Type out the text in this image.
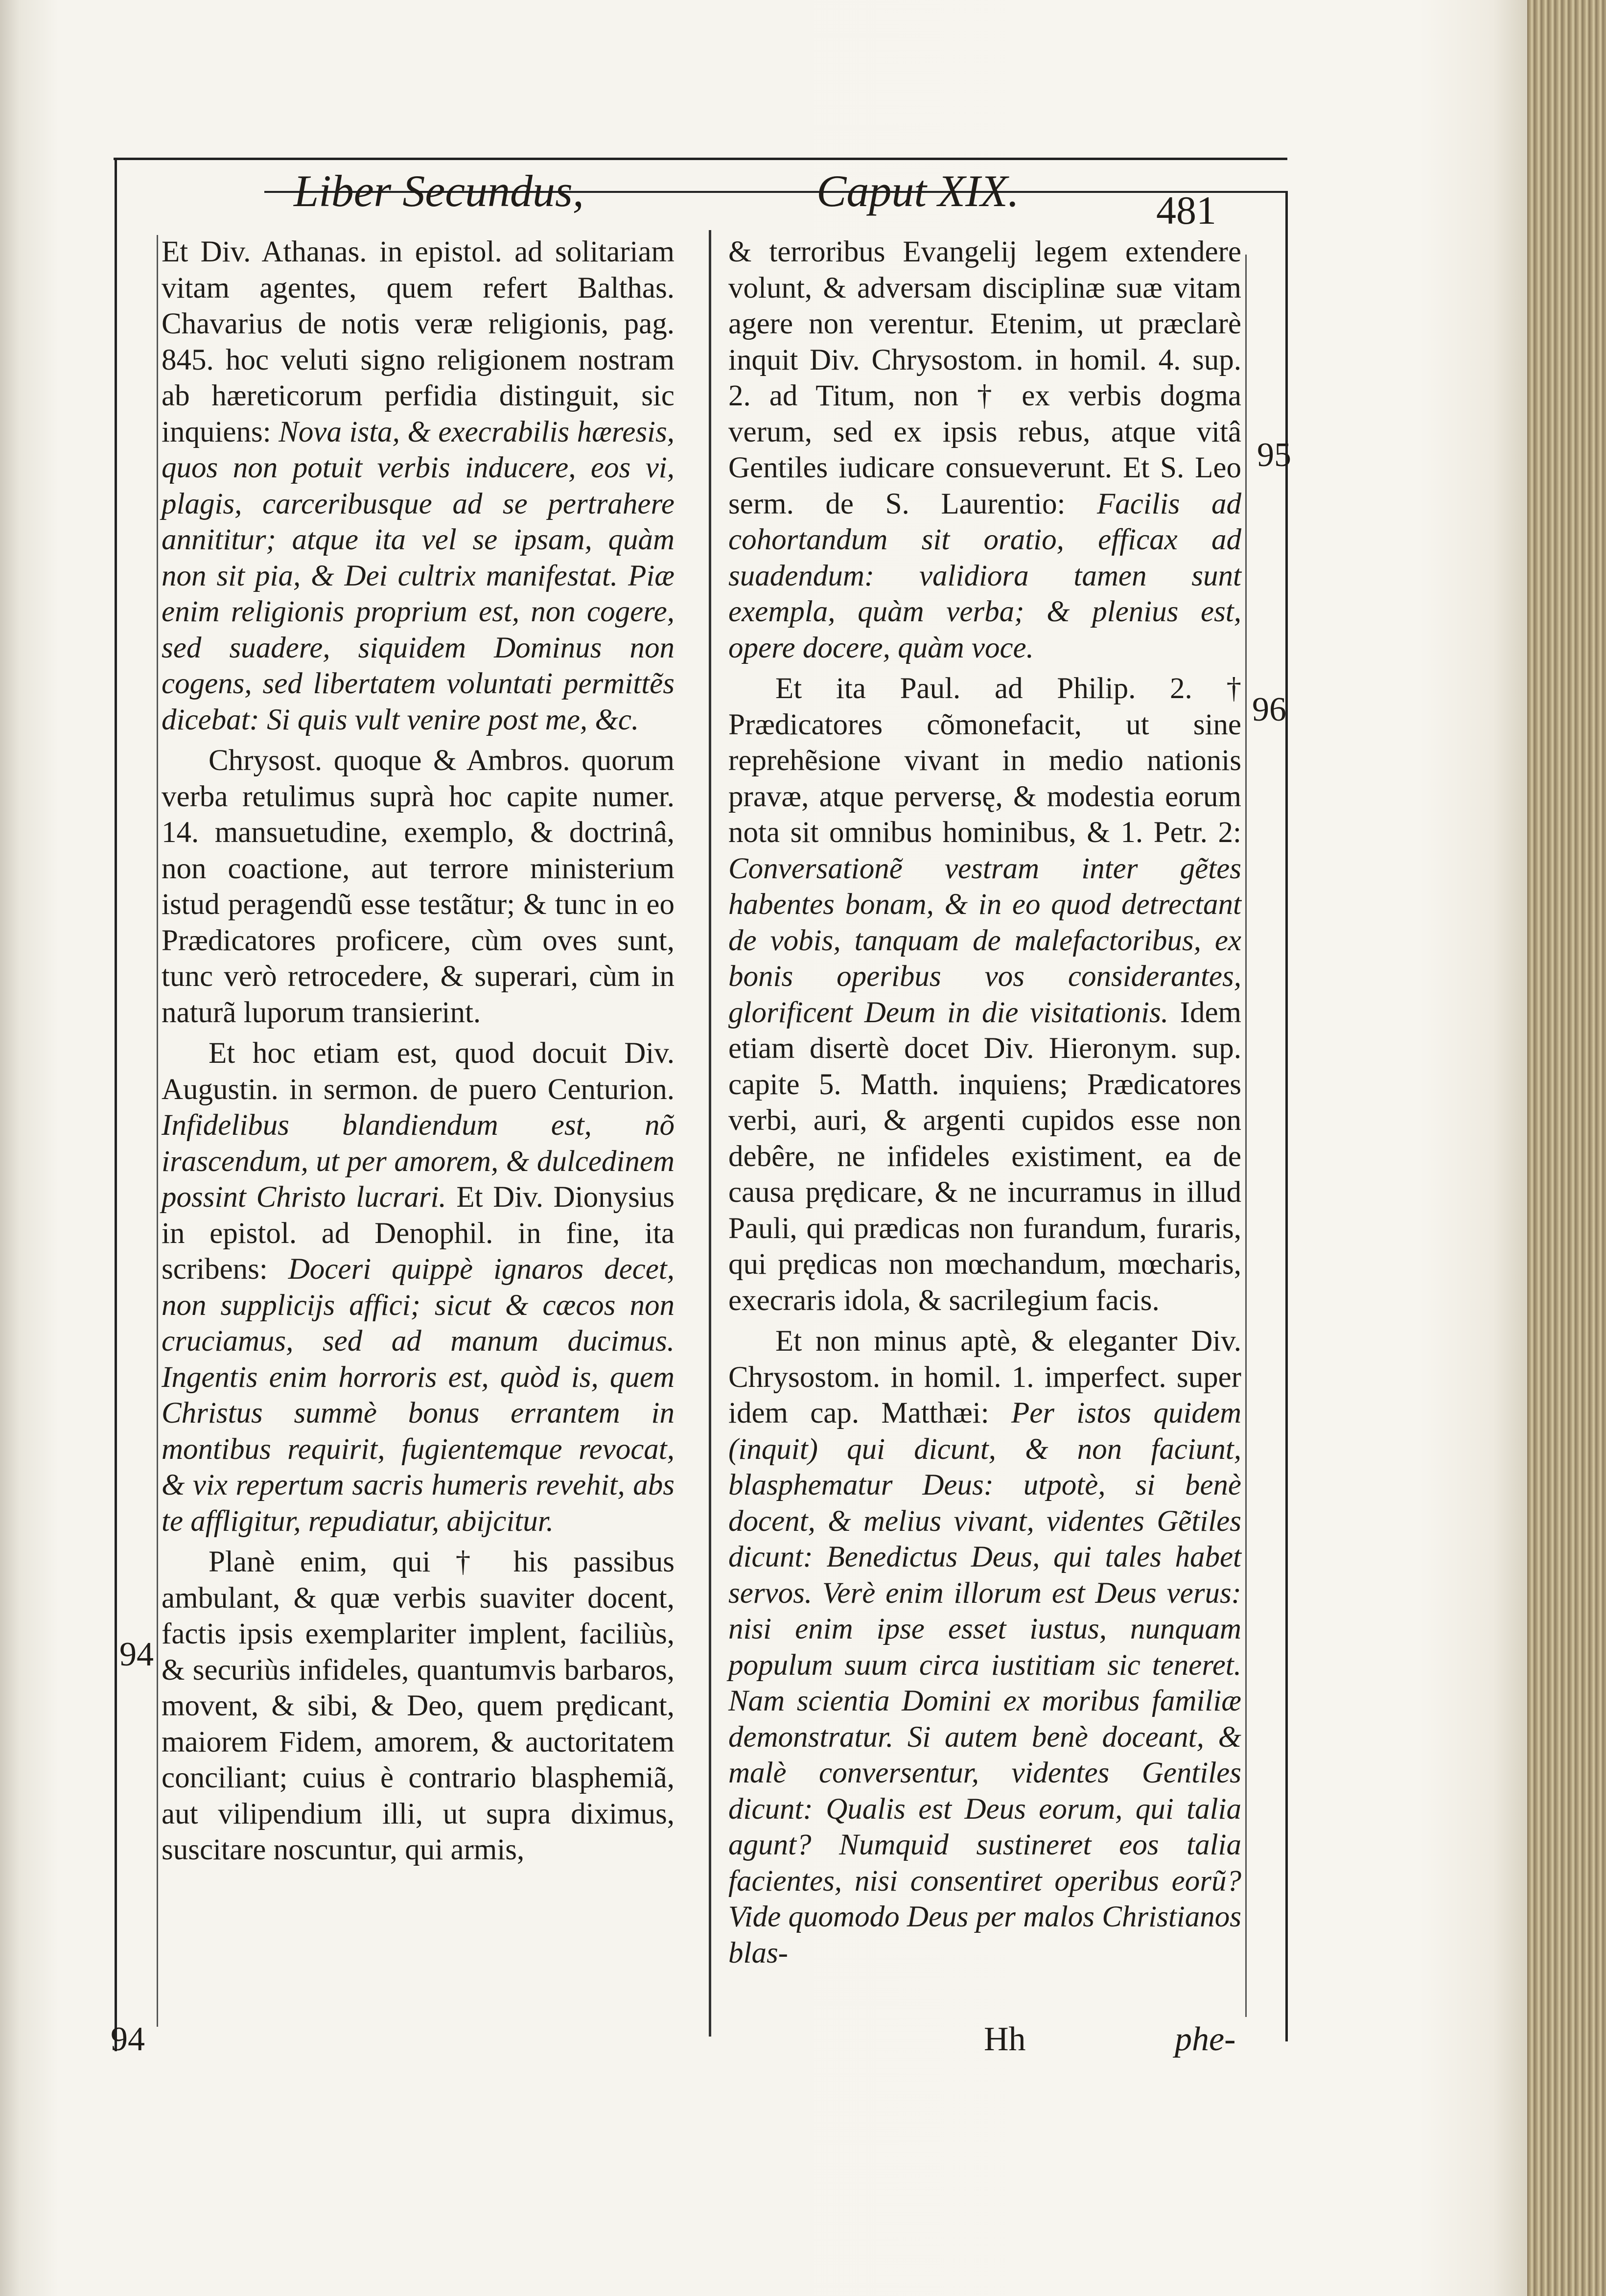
Liber Secundus,	Caput XIX.	481

Et Div. Athanas. in epistol. ad solitariam vitam agentes, quem refert Balthas. Chavarius de notis veræ religionis, pag. 845. hoc veluti signo religionem nostram ab hæreticorum perfidia distinguit, sic inquiens: Nova ista, & execrabilis hæresis, quos non potuit verbis inducere, eos vi, plagis, carceribusque ad se pertrahere annititur; atque ita vel se ipsam, quàm non sit pia, & Dei cultrix manifestat. Piæ enim religionis proprium est, non cogere, sed suadere, siquidem Dominus non cogens, sed libertatem voluntati permittẽs dicebat: Si quis vult venire post me, &c.

Chrysost. quoque & Ambros. quorum verba retulimus suprà hoc capite numer. 14. mansuetudine, exemplo, & doctrinâ, non coactione, aut terrore ministerium istud peragendũ esse testãtur; & tunc in eo Prædicatores proficere, cùm oves sunt, tunc verò retrocedere, & superari, cùm in naturã luporum transierint.

Et hoc etiam est, quod docuit Div. Augustin. in sermon. de puero Centurion. Infidelibus blandiendum est, nõ irascendum, ut per amorem, & dulcedinem possint Christo lucrari. Et Div. Dionysius in epistol. ad Denophil. in fine, ita scribens: Doceri quippè ignaros decet, non supplicijs affici; sicut & cæcos non cruciamus, sed ad manum ducimus. Ingentis enim horroris est, quòd is, quem Christus summè bonus errantem in montibus requirit, fugientemque revocat, & vix repertum sacris humeris revehit, abs te affligitur, repudiatur, abijcitur.

Planè enim, qui † his passibus ambulant, & quæ verbis suaviter docent, factis ipsis exemplariter implent, faciliùs, & securiùs infideles, quantumvis barbaros, movent, & sibi, & Deo, quem prędicant, maiorem Fidem, amorem, & auctoritatem conciliant; cuius è contrario blasphemiã, aut vilipendium illi, ut supra diximus, suscitare noscuntur, qui armis,

& terroribus Evangelij legem extendere volunt, & adversam disciplinæ suæ vitam agere non verentur. Etenim, ut præclarè inquit Div. Chrysostom. in homil. 4. sup. 2. ad Titum, non † ex verbis dogma verum, sed ex ipsis rebus, atque vitâ Gentiles iudicare consueverunt. Et S. Leo serm. de S. Laurentio: Facilis ad cohortandum sit oratio, efficax ad suadendum: validiora tamen sunt exempla, quàm verba; & plenius est, opere docere, quàm voce.

Et ita Paul. ad Philip. 2. † Prædicatores cõmonefacit, ut sine reprehẽsione vivant in medio nationis pravæ, atque perversę, & modestia eorum nota sit omnibus hominibus, & 1. Petr. 2: Conversationẽ vestram inter gẽtes habentes bonam, & in eo quod detrectant de vobis, tanquam de malefactoribus, ex bonis operibus vos considerantes, glorificent Deum in die visitationis. Idem etiam disertè docet Div. Hieronym. sup. capite 5. Matth. inquiens; Prædicatores verbi, auri, & argenti cupidos esse non debêre, ne infideles existiment, ea de causa prędicare, & ne incurramus in illud Pauli, qui prædicas non furandum, furaris, qui prędicas non mœchandum, mœcharis, execraris idola, & sacrilegium facis.

Et non minus aptè, & eleganter Div. Chrysostom. in homil. 1. imperfect. super idem cap. Matthæi: Per istos quidem (inquit) qui dicunt, & non faciunt, blasphematur Deus: utpotè, si benè docent, & melius vivant, videntes Gẽtiles dicunt: Benedictus Deus, qui tales habet servos. Verè enim illorum est Deus verus: nisi enim ipse esset iustus, nunquam populum suum circa iustitiam sic teneret. Nam scientia Domini ex moribus familiæ demonstratur. Si autem benè doceant, & malè conversentur, videntes Gentiles dicunt: Qualis est Deus eorum, qui talia agunt? Numquid sustineret eos talia facientes, nisi consentiret operibus eorũ? Vide quomodo Deus per malos Christianos blas-

95
96
94
94	Hh	phe-
